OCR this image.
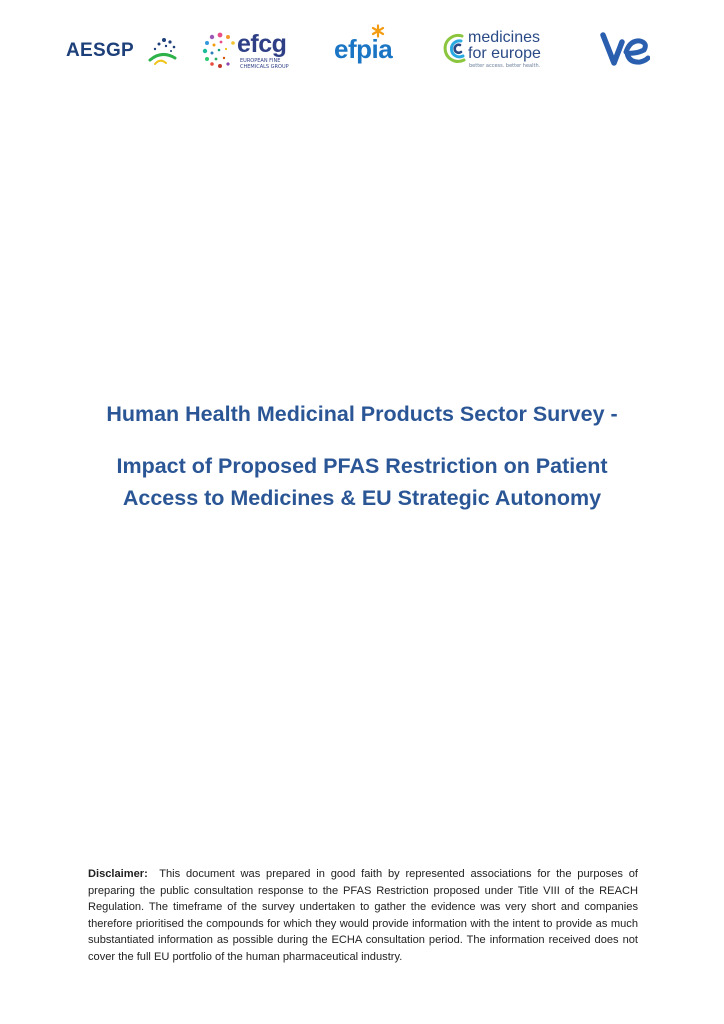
AESGP	efcg
EUROPEAN FINE CHEMICALS GROUP
efpia	medicines
for europe
better access. better health.
Human Health Medicinal Products Sector Survey -
Impact of Proposed PFAS Restriction on Patient
Access to Medicines & EU Strategic Autonomy
Disclaimer: This document was prepared in good faith by represented associations for the purposes of preparing the public consultation response to the PFAS Restriction proposed under Title VIII of the REACH Regulation. The timeframe of the survey undertaken to gather the evidence was very short and companies therefore prioritised the compounds for which they would provide information with the intent to provide as much substantiated information as possible during the ECHA consultation period. The information received does not cover the full EU portfolio of the human pharmaceutical industry.
